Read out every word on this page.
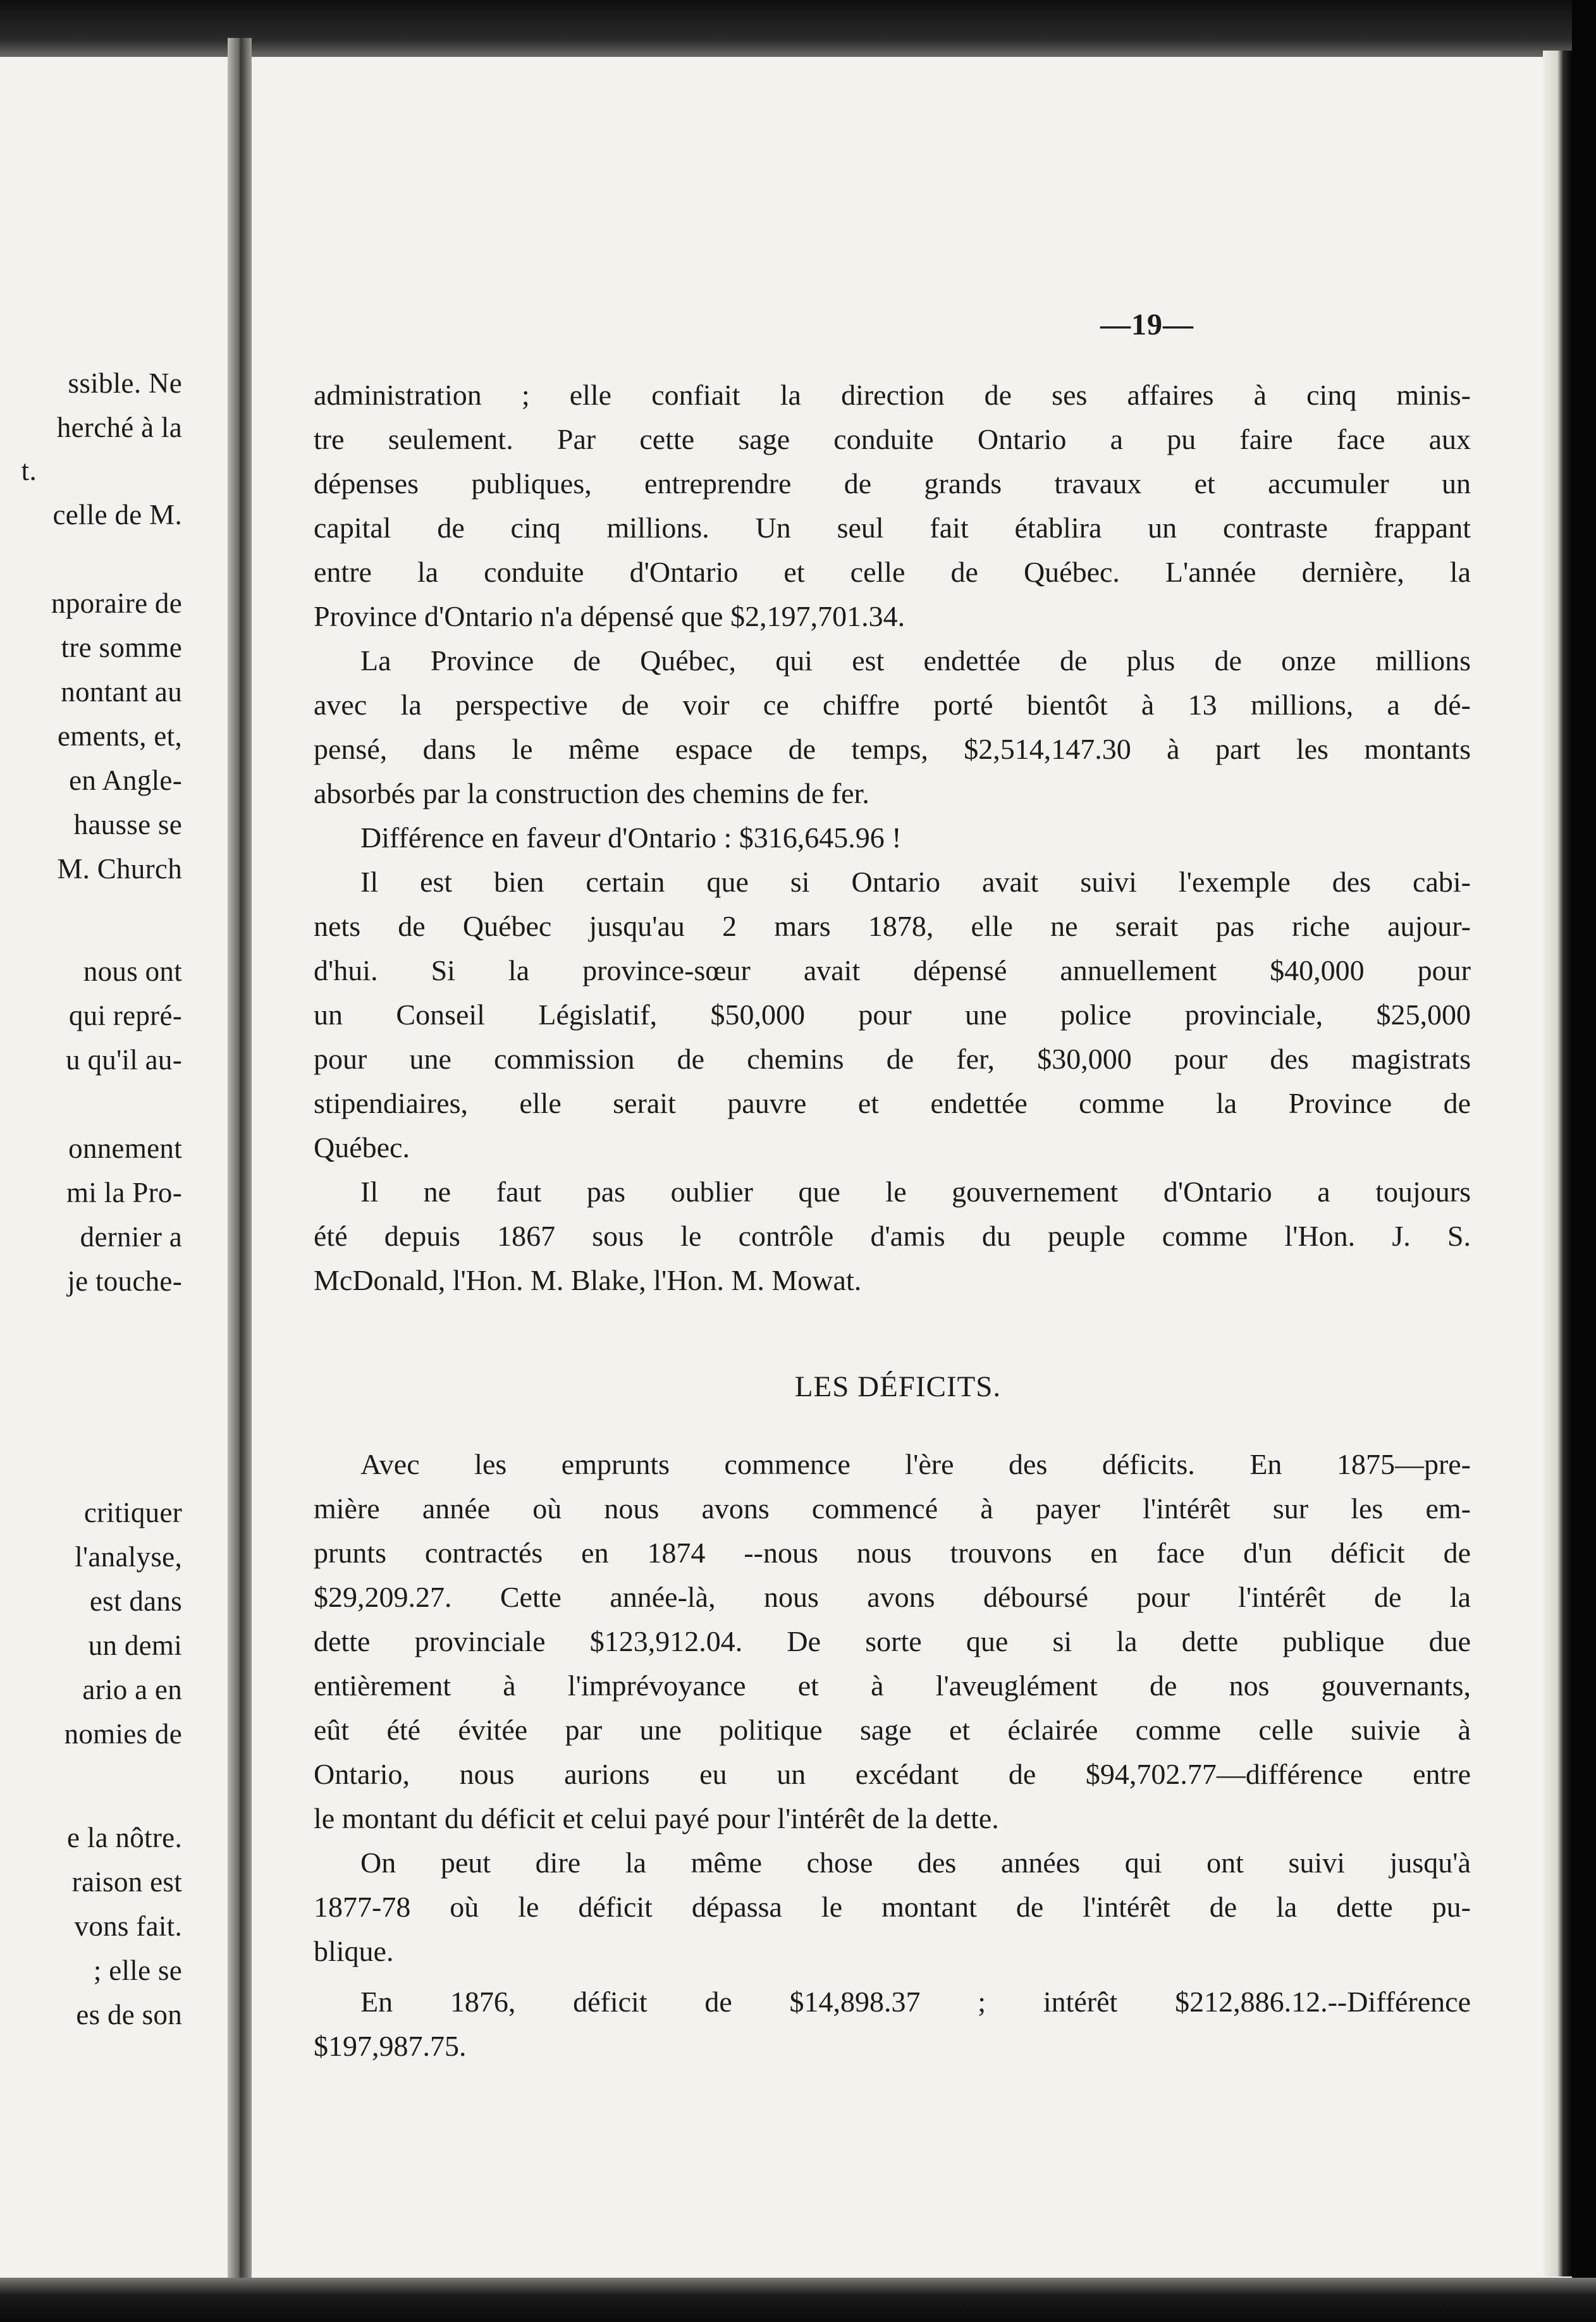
ssible. Ne
herché à la
t.
celle de M.
nporaire de
tre somme
nontant au
ements, et,
en Angle-
hausse se
M. Church
nous ont
qui repré-
u qu'il au-
onnement
mi la Pro-
dernier a
je touche-
critiquer
l'analyse,
est dans
un demi
ario a en
nomies de
e la nôtre.
raison est
vons fait.
; elle se
es de son
—19—
administration ; elle confiait la direction de ses affaires à cinq minis-
tre seulement. Par cette sage conduite Ontario a pu faire face aux
dépenses publiques, entreprendre de grands travaux et accumuler un
capital de cinq millions. Un seul fait établira un contraste frappant
entre la conduite d'Ontario et celle de Québec. L'année dernière, la
Province d'Ontario n'a dépensé que $2,197,701.34.
La Province de Québec, qui est endettée de plus de onze millions
avec la perspective de voir ce chiffre porté bientôt à 13 millions, a dé-
pensé, dans le même espace de temps, $2,514,147.30 à part les montants
absorbés par la construction des chemins de fer.
Différence en faveur d'Ontario : $316,645.96 !
Il est bien certain que si Ontario avait suivi l'exemple des cabi-
nets de Québec jusqu'au 2 mars 1878, elle ne serait pas riche aujour-
d'hui. Si la province-sœur avait dépensé annuellement $40,000 pour
un Conseil Législatif, $50,000 pour une police provinciale, $25,000
pour une commission de chemins de fer, $30,000 pour des magistrats
stipendiaires, elle serait pauvre et endettée comme la Province de
Québec.
Il ne faut pas oublier que le gouvernement d'Ontario a toujours
été depuis 1867 sous le contrôle d'amis du peuple comme l'Hon. J. S.
McDonald, l'Hon. M. Blake, l'Hon. M. Mowat.
LES DÉFICITS.
Avec les emprunts commence l'ère des déficits. En 1875—pre-
mière année où nous avons commencé à payer l'intérêt sur les em-
prunts contractés en 1874 --nous nous trouvons en face d'un déficit de
$29,209.27. Cette année-là, nous avons déboursé pour l'intérêt de la
dette provinciale $123,912.04. De sorte que si la dette publique due
entièrement à l'imprévoyance et à l'aveuglément de nos gouvernants,
eût été évitée par une politique sage et éclairée comme celle suivie à
Ontario, nous aurions eu un excédant de $94,702.77—différence entre
le montant du déficit et celui payé pour l'intérêt de la dette.
On peut dire la même chose des années qui ont suivi jusqu'à
1877-78 où le déficit dépassa le montant de l'intérêt de la dette pu-
blique.
En 1876, déficit de $14,898.37 ; intérêt $212,886.12.--Différence
$197,987.75.
